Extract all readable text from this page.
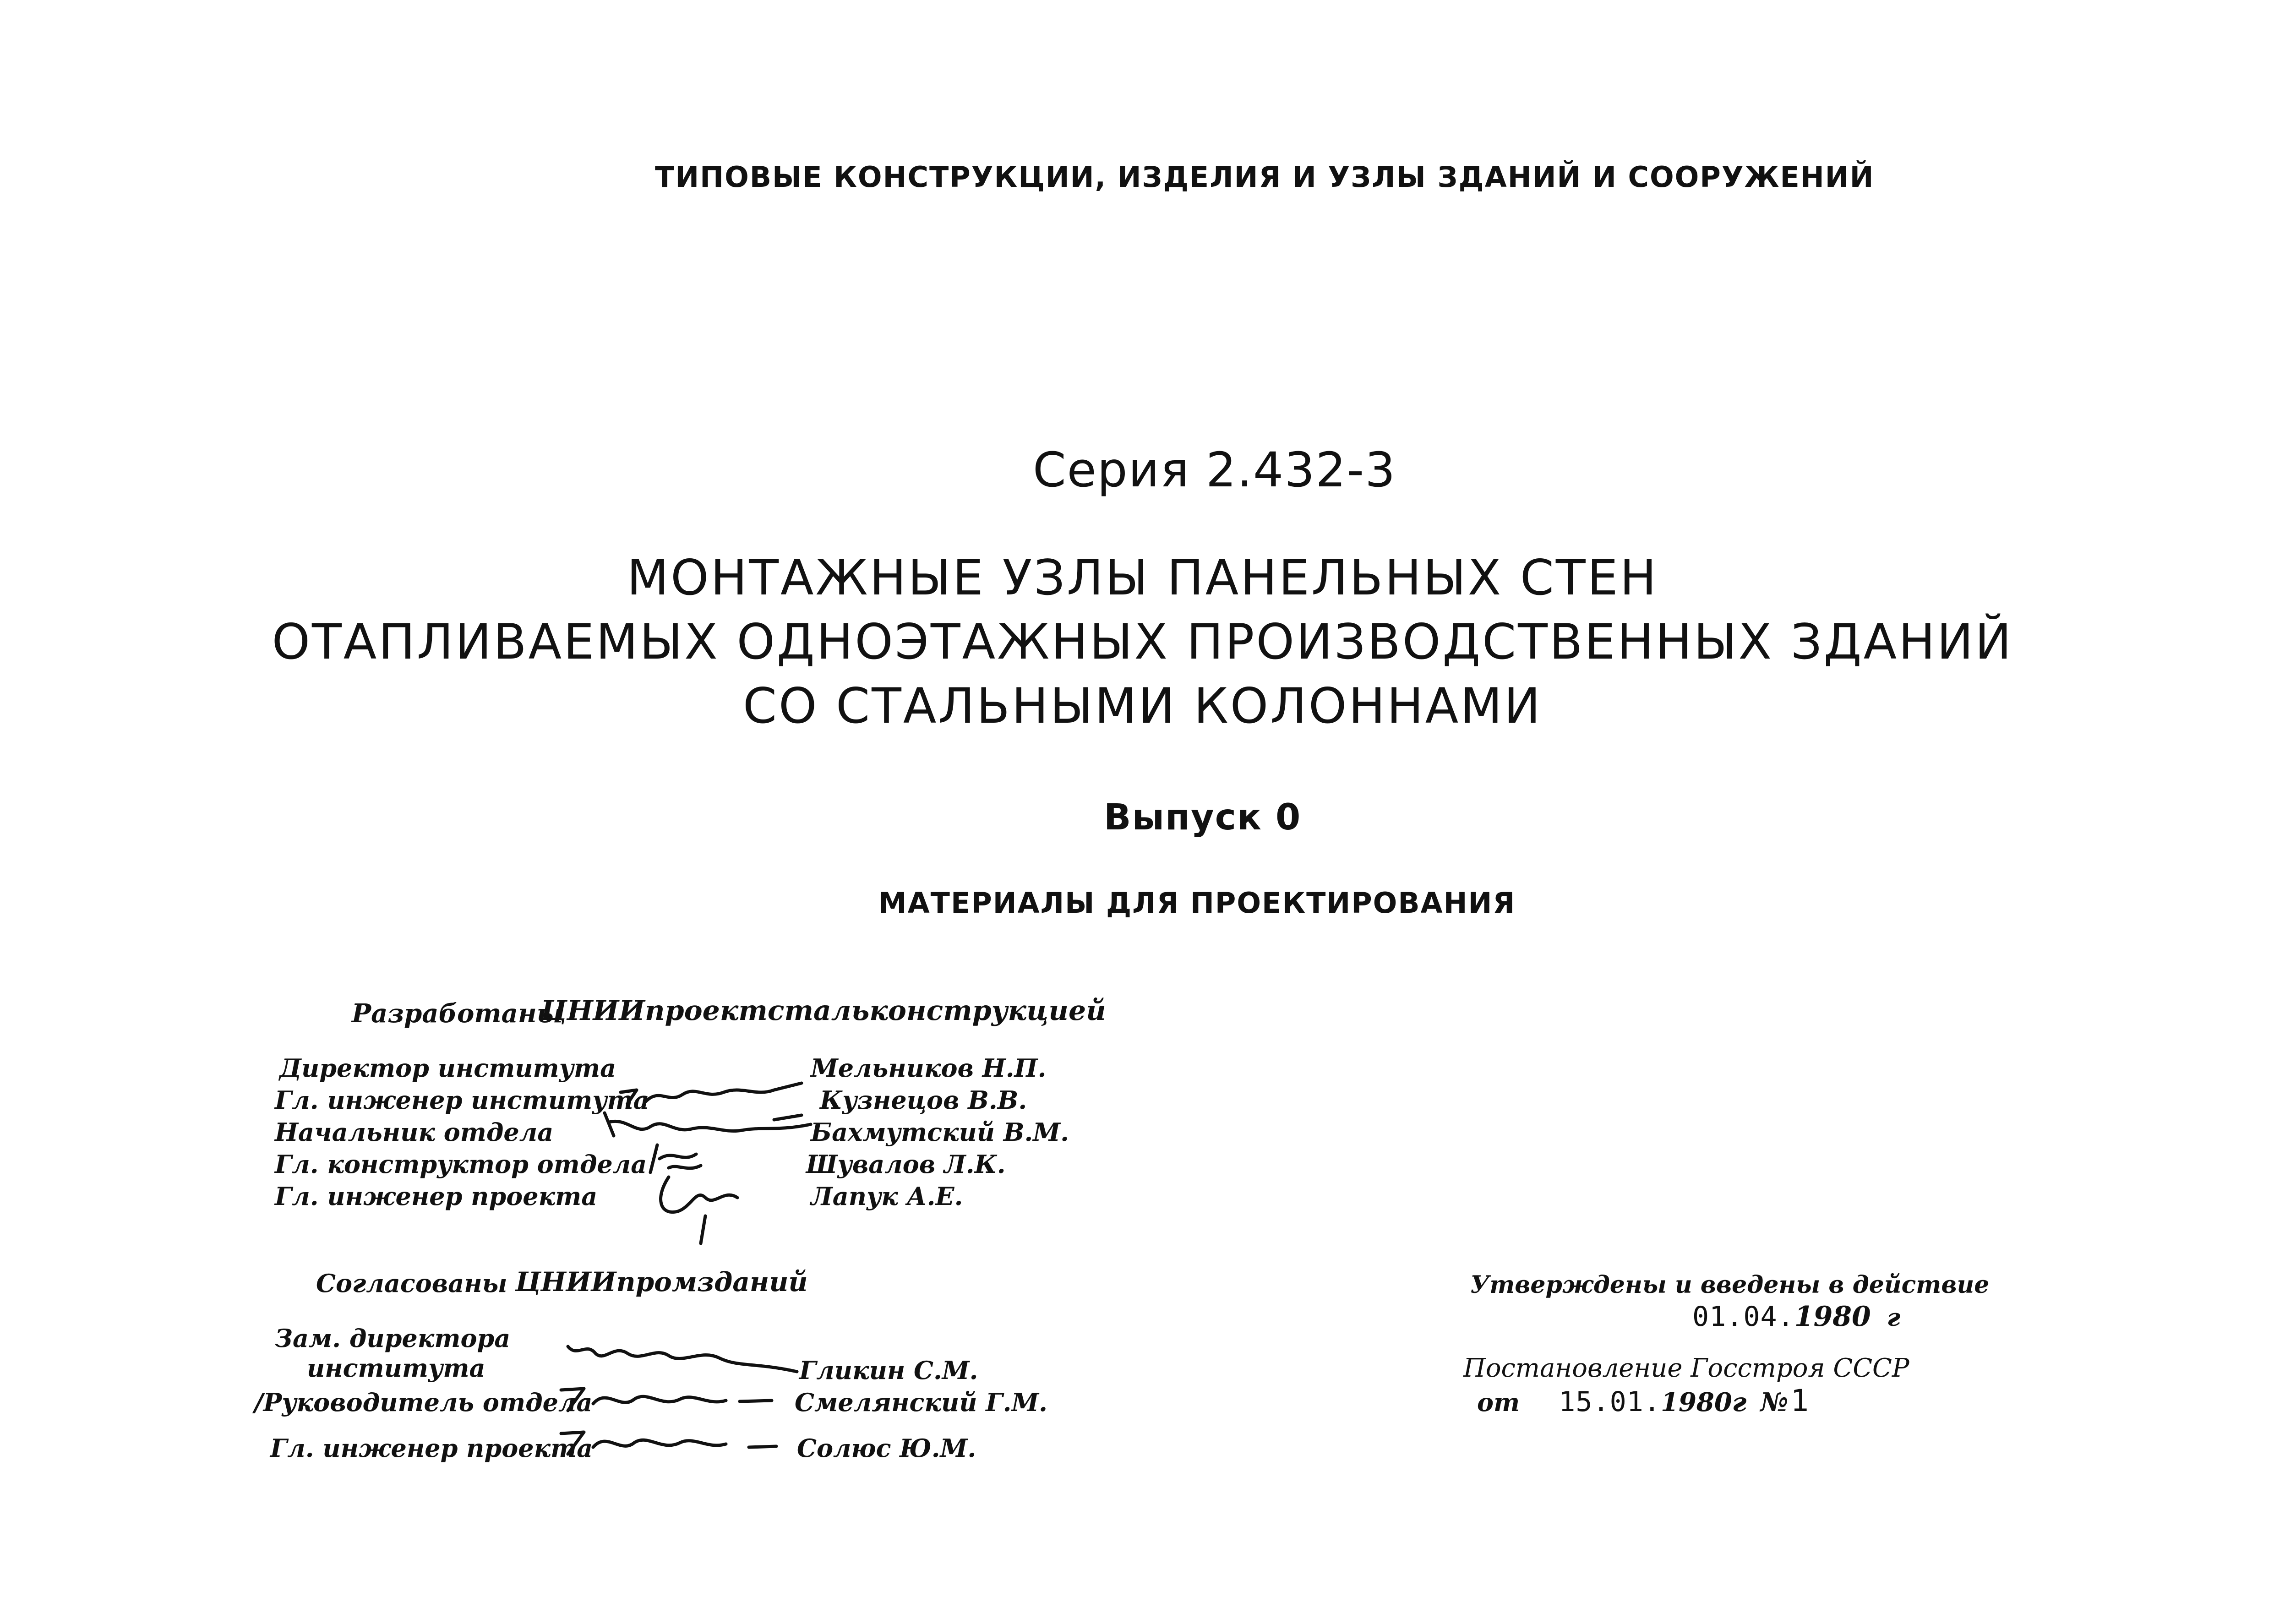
ТИПОВЫЕ КОНСТРУКЦИИ, ИЗДЕЛИЯ И УЗЛЫ ЗДАНИЙ И СООРУЖЕНИЙ
Серия 2.432-3
МОНТАЖНЫЕ УЗЛЫ ПАНЕЛЬНЫХ СТЕН
ОТАПЛИВАЕМЫХ ОДНОЭТАЖНЫХ ПРОИЗВОДСТВЕННЫХ ЗДАНИЙ
СО СТАЛЬНЫМИ КОЛОННАМИ
Выпуск 0
МАТЕРИАЛЫ ДЛЯ ПРОЕКТИРОВАНИЯ
Разработаны
ЦНИИпроектстальконструкцией
Директор института	Мельников Н.П.
Гл. инженер института	Кузнецов В.В.
Начальник отдела	Бахмутский В.М.
Гл. конструктор отдела	Шувалов Л.К.
Гл. инженер проекта	Лапук А.Е.
Согласованы ЦНИИпромзданий
Зам. директора
института	Гликин С.М.
/Руководитель отдела	Смелянский Г.М.
Гл. инженер проекта	Солюс Ю.М.
Утверждены и введены в действие
01.04.1980 г
Постановление Госстроя СССР
от 15.01.1980г № 1
